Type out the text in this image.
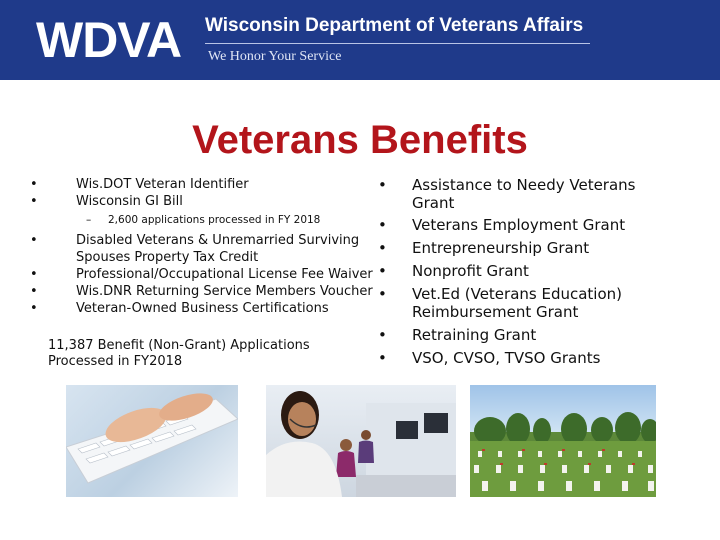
WDVA Wisconsin Department of Veterans Affairs
We Honor Your Service
Veterans Benefits
•	Wis.DOT Veteran Identifier
•	Wisconsin GI Bill
– 2,600 applications processed in FY 2018
•	Disabled Veterans & Unremarried Surviving Spouses Property Tax Credit
•	Professional/Occupational License Fee Waiver
•	Wis.DNR Returning Service Members Voucher
•	Veteran-Owned Business Certifications
11,387 Benefit (Non-Grant) Applications Processed in FY2018
• Assistance to Needy Veterans Grant
• Veterans Employment Grant
• Entrepreneurship Grant
• Nonprofit Grant
• Vet.Ed (Veterans Education) Reimbursement Grant
• Retraining Grant
• VSO, CVSO, TVSO Grants
